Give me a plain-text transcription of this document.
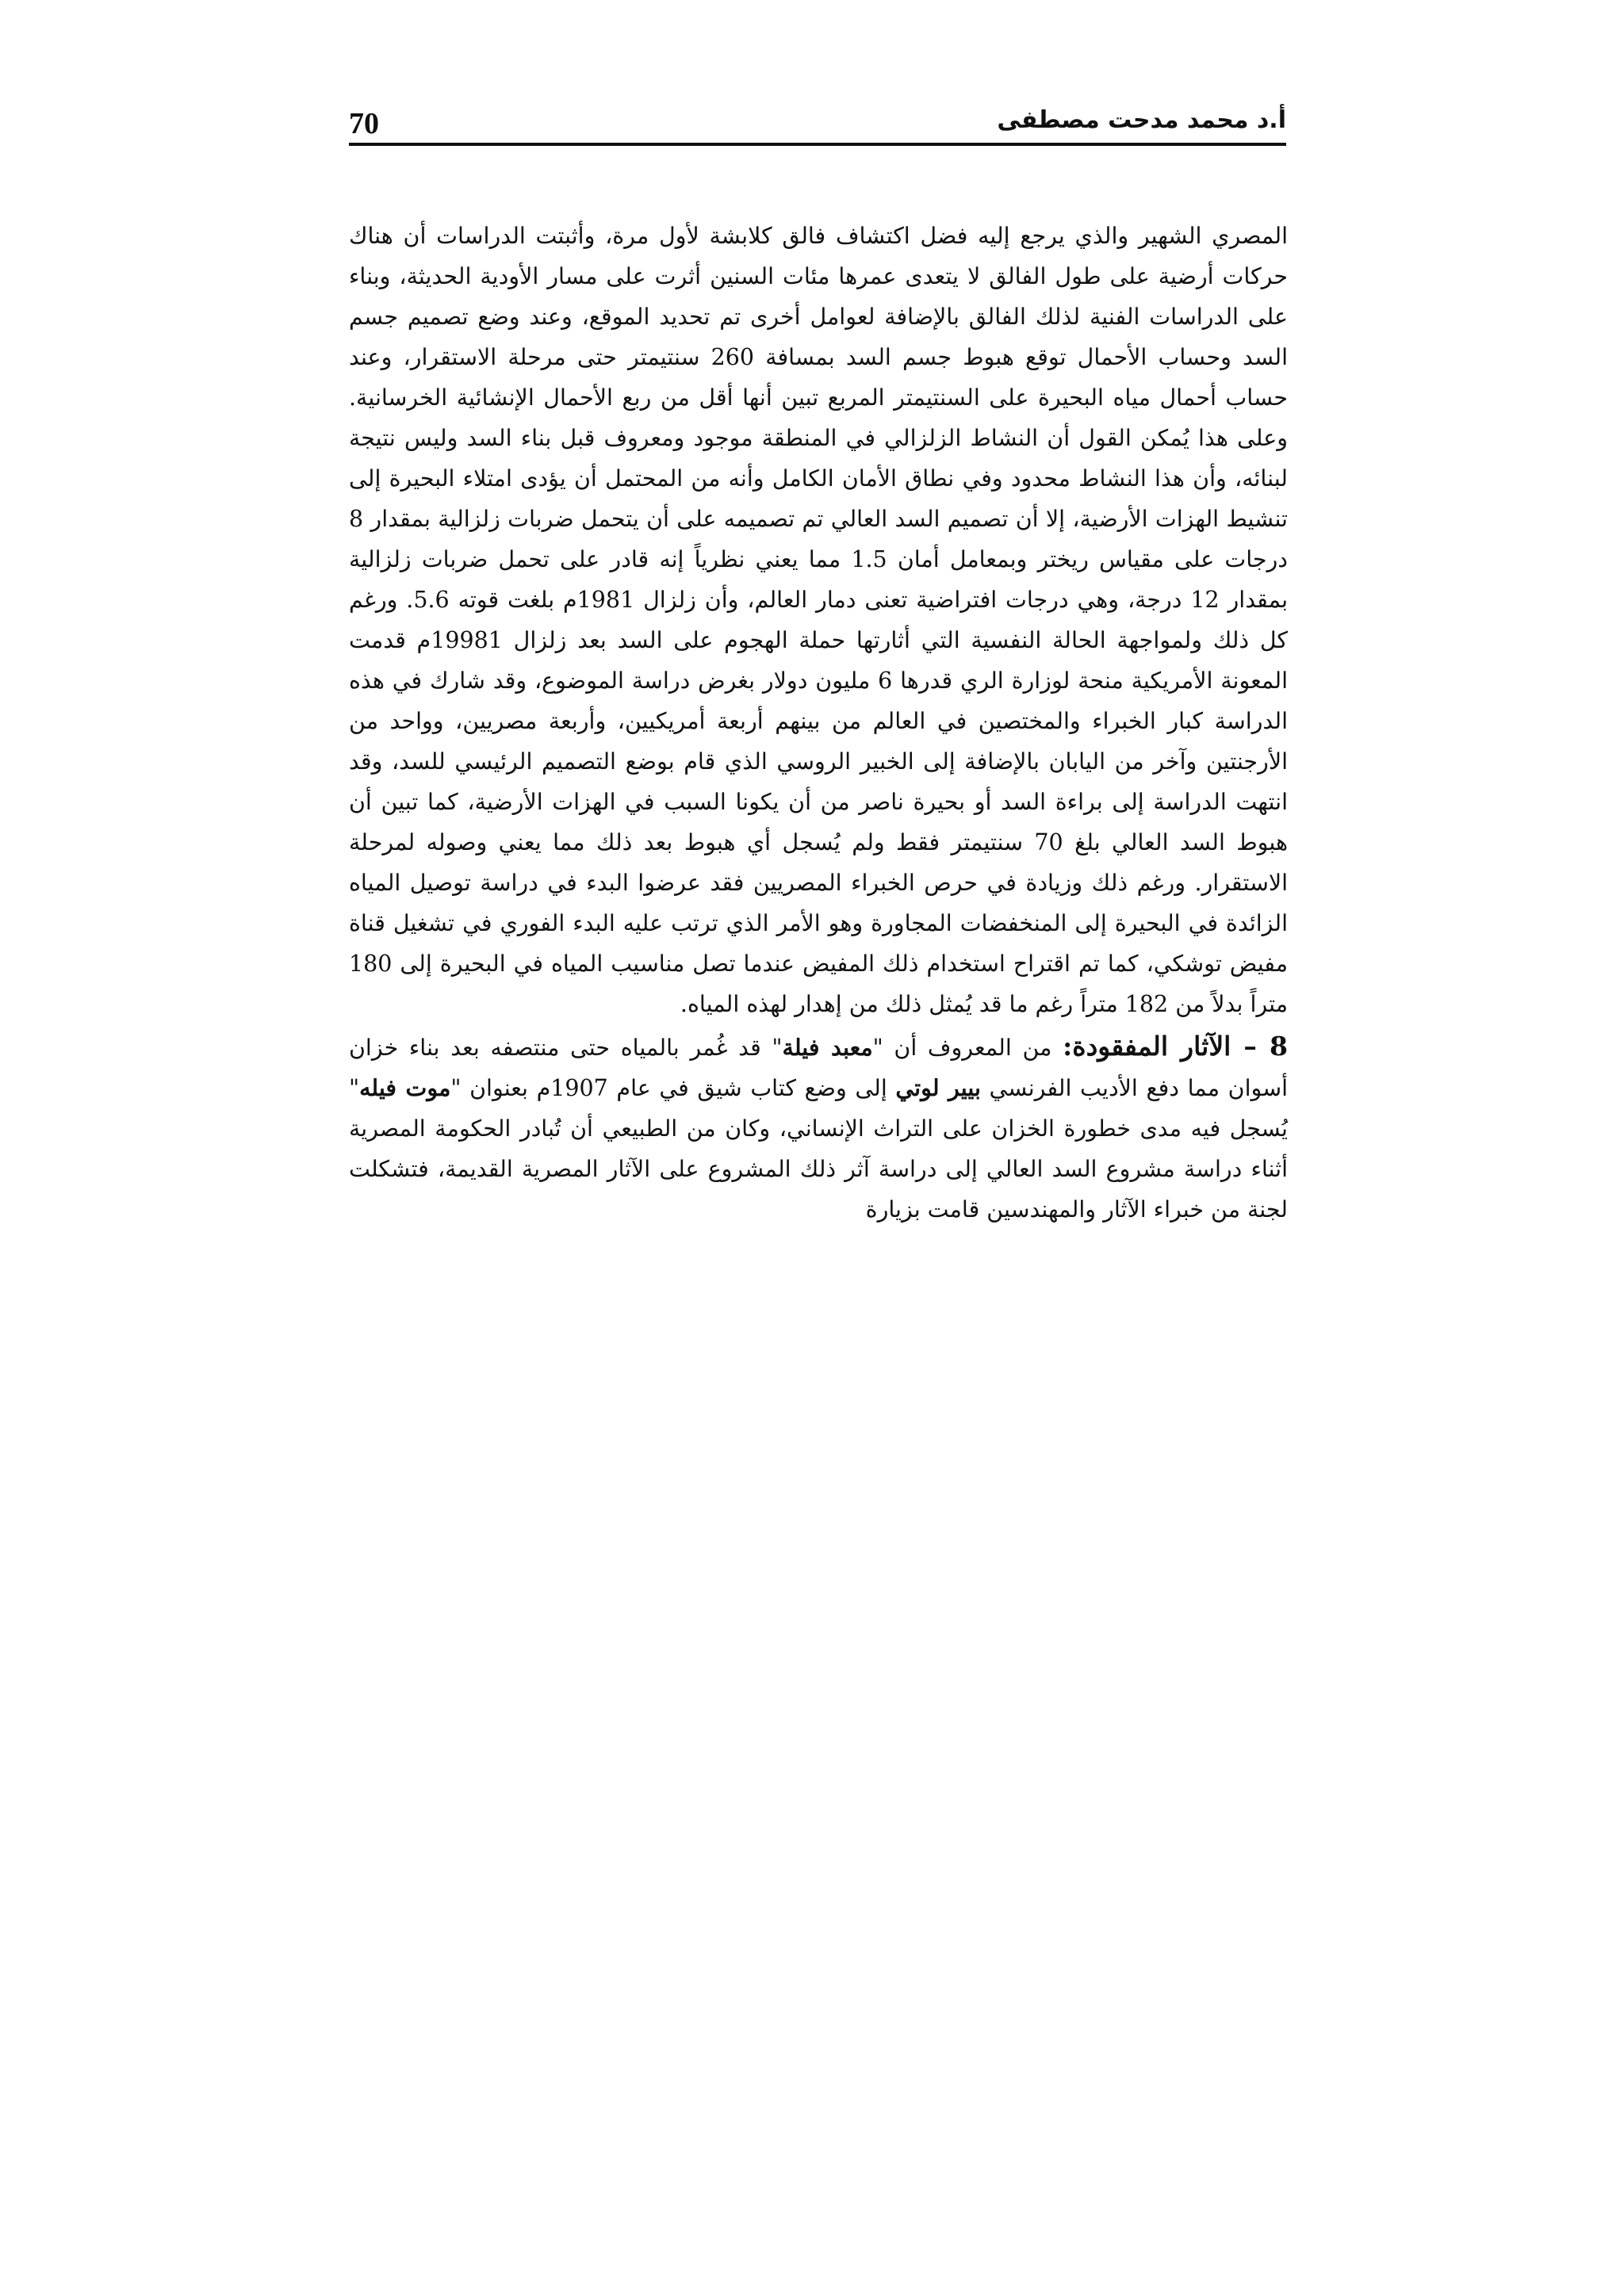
70	أ.د محمد مدحت مصطفى

المصري الشهير والذي يرجع إليه فضل اكتشاف فالق كلابشة لأول مرة، وأثبتت الدراسات أن هناك حركات أرضية على طول الفالق لا يتعدى عمرها مئات السنين أثرت على مسار الأودية الحديثة، وبناء على الدراسات الفنية لذلك الفالق بالإضافة لعوامل أخرى تم تحديد الموقع، وعند وضع تصميم جسم السد وحساب الأحمال توقع هبوط جسم السد بمسافة 260 سنتيمتر حتى مرحلة الاستقرار، وعند حساب أحمال مياه البحيرة على السنتيمتر المربع تبين أنها أقل من ربع الأحمال الإنشائية الخرسانية. وعلى هذا يُمكن القول أن النشاط الزلزالي في المنطقة موجود ومعروف قبل بناء السد وليس نتيجة لبنائه، وأن هذا النشاط محدود وفي نطاق الأمان الكامل وأنه من المحتمل أن يؤدى امتلاء البحيرة إلى تنشيط الهزات الأرضية، إلا أن تصميم السد العالي تم تصميمه على أن يتحمل ضربات زلزالية بمقدار 8 درجات على مقياس ريختر وبمعامل أمان 1.5 مما يعني نظرياً إنه قادر على تحمل ضربات زلزالية بمقدار 12 درجة، وهي درجات افتراضية تعنى دمار العالم، وأن زلزال 1981م بلغت قوته 5.6. ورغم كل ذلك ولمواجهة الحالة النفسية التي أثارتها حملة الهجوم على السد بعد زلزال 19981م قدمت المعونة الأمريكية منحة لوزارة الري قدرها 6 مليون دولار بغرض دراسة الموضوع، وقد شارك في هذه الدراسة كبار الخبراء والمختصين في العالم من بينهم أربعة أمريكيين، وأربعة مصريين، وواحد من الأرجنتين وآخر من اليابان بالإضافة إلى الخبير الروسي الذي قام بوضع التصميم الرئيسي للسد، وقد انتهت الدراسة إلى براءة السد أو بحيرة ناصر من أن يكونا السبب في الهزات الأرضية، كما تبين أن هبوط السد العالي بلغ 70 سنتيمتر فقط ولم يُسجل أي هبوط بعد ذلك مما يعني وصوله لمرحلة الاستقرار. ورغم ذلك وزيادة في حرص الخبراء المصريين فقد عرضوا البدء في دراسة توصيل المياه الزائدة في البحيرة إلى المنخفضات المجاورة وهو الأمر الذي ترتب عليه البدء الفوري في تشغيل قناة مفيض توشكي، كما تم اقتراح استخدام ذلك المفيض عندما تصل مناسيب المياه في البحيرة إلى 180 متراً بدلاً من 182 متراً رغم ما قد يُمثل ذلك من إهدار لهذه المياه.

8 – الآثار المفقودة: من المعروف أن "معبد فيلة" قد غُمر بالمياه حتى منتصفه بعد بناء خزان أسوان مما دفع الأديب الفرنسي بيير لوتي إلى وضع كتاب شيق في عام 1907م بعنوان "موت فيله" يُسجل فيه مدى خطورة الخزان على التراث الإنساني، وكان من الطبيعي أن تُبادر الحكومة المصرية أثناء دراسة مشروع السد العالي إلى دراسة آثر ذلك المشروع على الآثار المصرية القديمة، فتشكلت لجنة من خبراء الآثار والمهندسين قامت بزيارة
